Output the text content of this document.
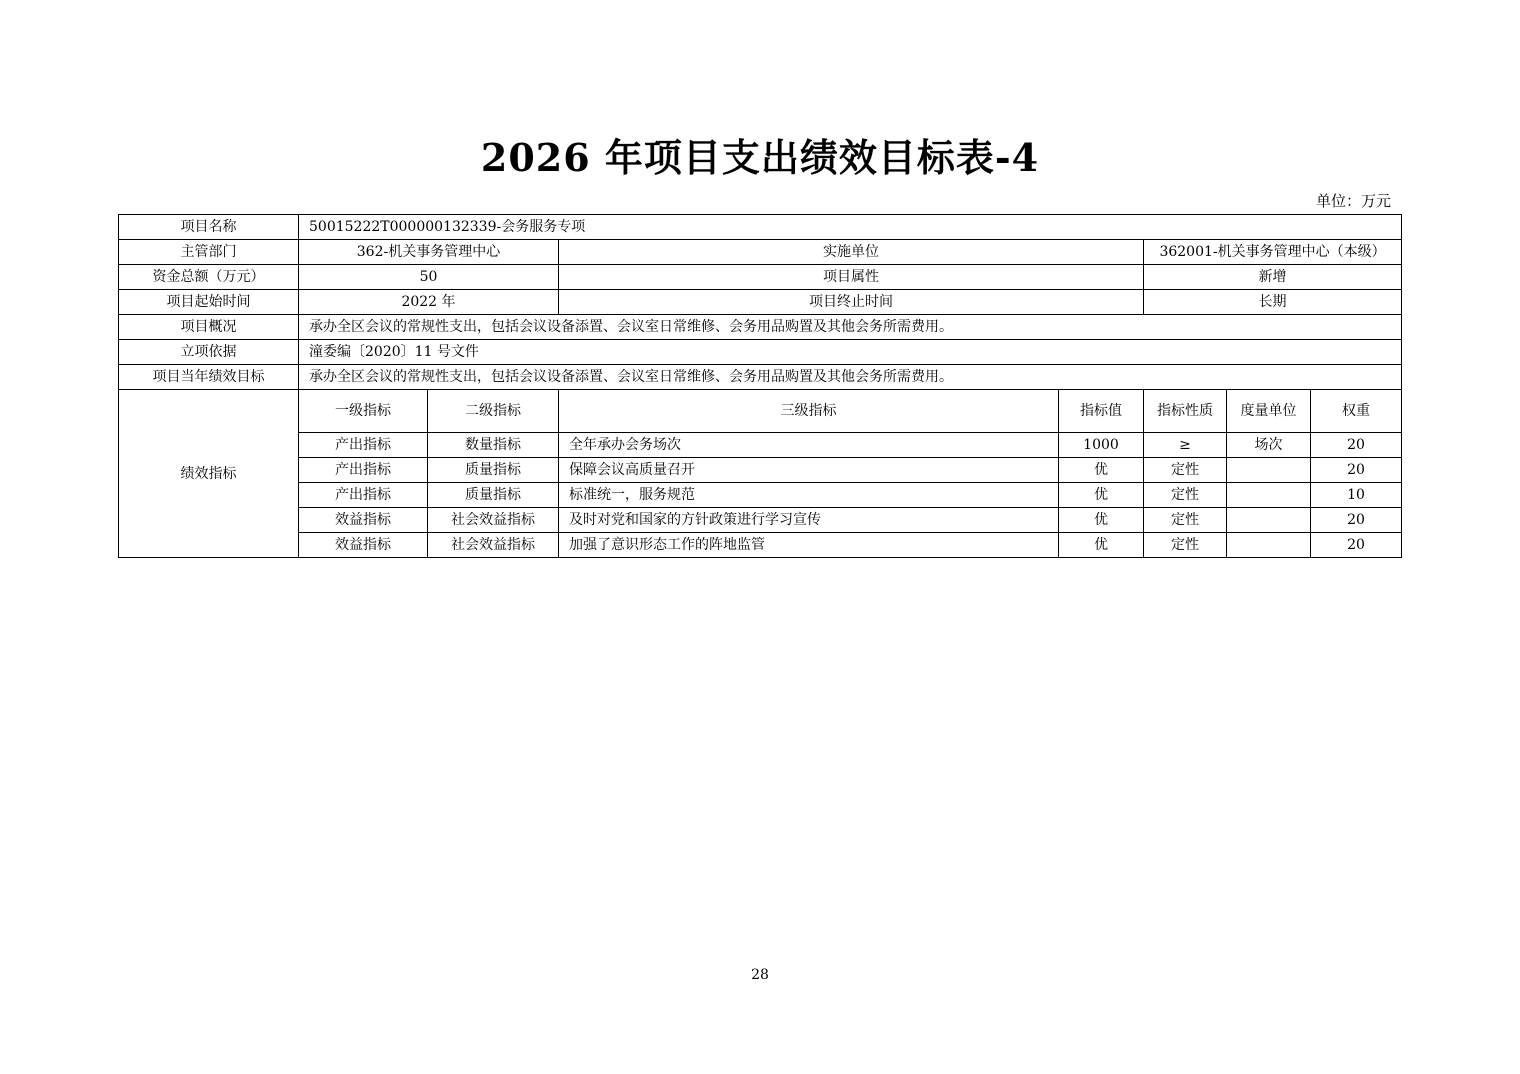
2026 年项目支出绩效目标表-4
单位：万元
项目名称	50015222T000000132339-会务服务专项						
主管部门	362-机关事务管理中心		实施单位		362001-机关事务管理中心（本级）		
资金总额（万元）	50		项目属性		新增		
项目起始时间	2022 年		项目终止时间		长期		
项目概况	承办全区会议的常规性支出，包括会议设备添置、会议室日常维修、会务用品购置及其他会务所需费用。						
立项依据	潼委编〔2020〕11 号文件						
项目当年绩效目标	承办全区会议的常规性支出，包括会议设备添置、会议室日常维修、会务用品购置及其他会务所需费用。						
绩效指标	一级指标	二级指标	三级指标	指标值	指标性质	度量单位	权重
	产出指标	数量指标	全年承办会务场次	1000	≥	场次	20
	产出指标	质量指标	保障会议高质量召开	优	定性		20
	产出指标	质量指标	标准统一，服务规范	优	定性		10
	效益指标	社会效益指标	及时对党和国家的方针政策进行学习宣传	优	定性		20
	效益指标	社会效益指标	加强了意识形态工作的阵地监管	优	定性		20
28
